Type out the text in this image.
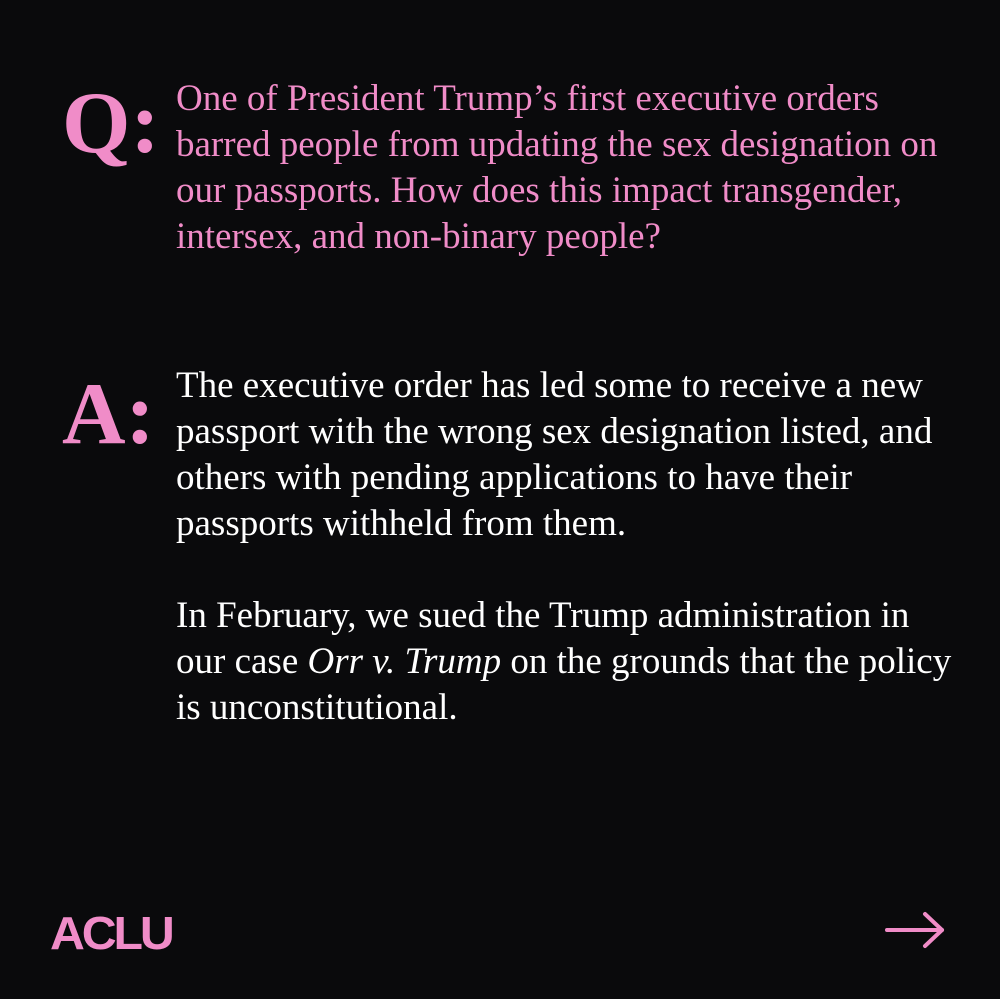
Q: One of President Trump’s first executive orders barred people from updating the sex designation on our passports. How does this impact transgender, intersex, and non-binary people?

A: The executive order has led some to receive a new passport with the wrong sex designation listed, and others with pending applications to have their passports withheld from them.

In February, we sued the Trump administration in our case Orr v. Trump on the grounds that the policy is unconstitutional.

ACLU
